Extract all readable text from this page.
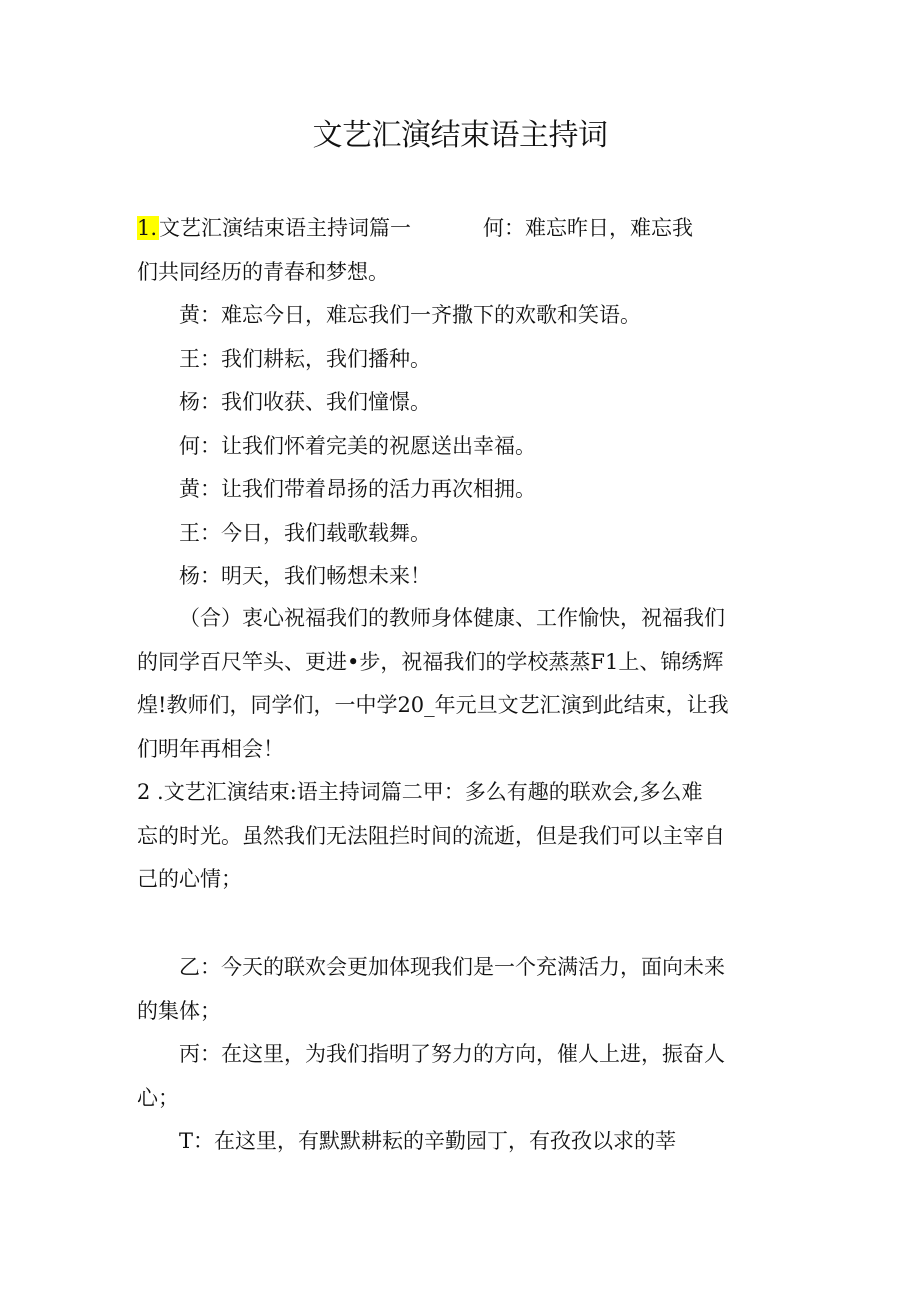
文艺汇演结束语主持词
1.文艺汇演结束语主持词篇一	何：难忘昨日，难忘我
们共同经历的青春和梦想。
黄：难忘今日，难忘我们一齐撒下的欢歌和笑语。
王：我们耕耘，我们播种。
杨：我们收获、我们憧憬。
何：让我们怀着完美的祝愿送出幸福。
黄：让我们带着昂扬的活力再次相拥。
王：今日，我们载歌载舞。
杨：明天，我们畅想未来！
（合）衷心祝福我们的教师身体健康、工作愉快，祝福我们
的同学百尺竿头、更进•步，祝福我们的学校蒸蒸F1上、锦绣辉
煌!教师们，同学们，一中学20_年元旦文艺汇演到此结束，让我
们明年再相会！
2 .文艺汇演结束:语主持词篇二甲：多么有趣的联欢会,多么难
忘的时光。虽然我们无法阻拦时间的流逝，但是我们可以主宰自
己的心情；
乙：今天的联欢会更加体现我们是一个充满活力，面向未来
的集体；
丙：在这里，为我们指明了努力的方向，催人上进，振奋人
心；
T：在这里，有默默耕耘的辛勤园丁，有孜孜以求的莘
